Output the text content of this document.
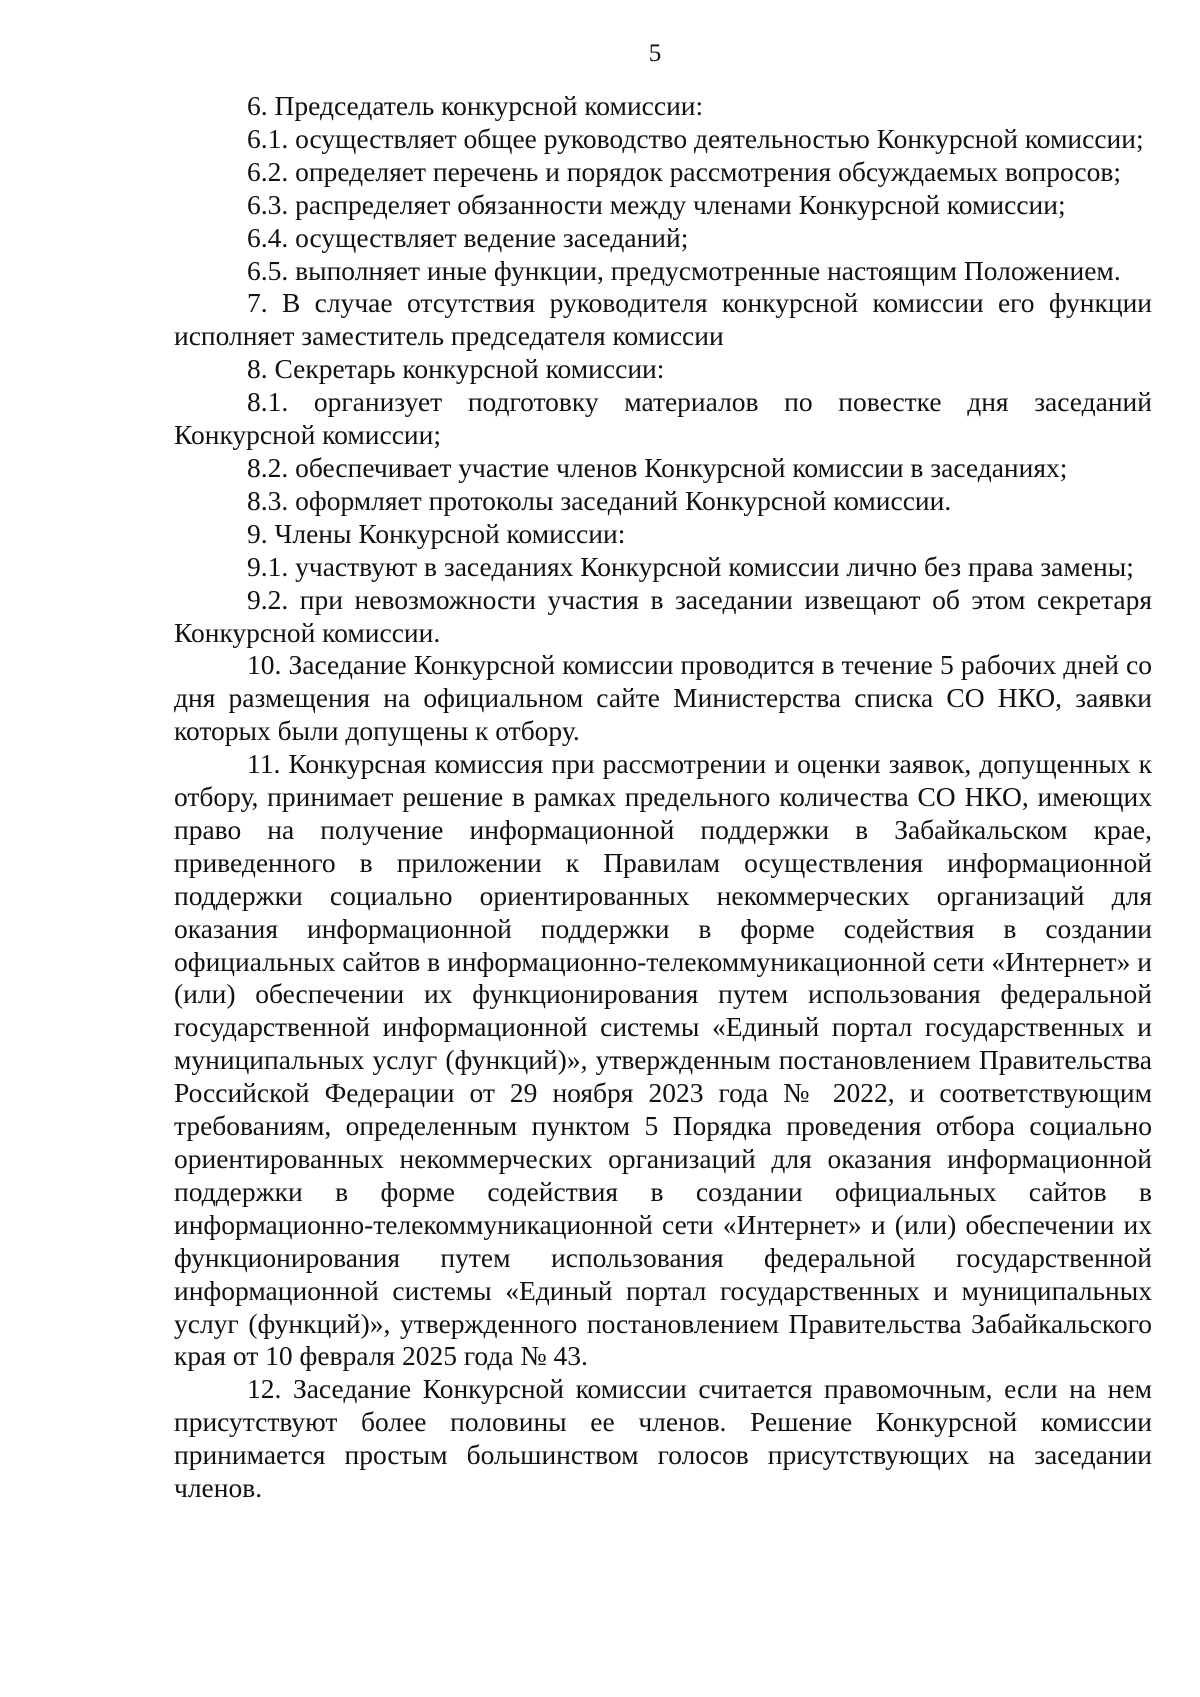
5

6. Председатель конкурсной комиссии:

6.1. осуществляет общее руководство деятельностью Конкурсной комиссии;

6.2. определяет перечень и порядок рассмотрения обсуждаемых вопросов;

6.3. распределяет обязанности между членами Конкурсной комиссии;

6.4. осуществляет ведение заседаний;

6.5. выполняет иные функции, предусмотренные настоящим Положением.

7. В случае отсутствия руководителя конкурсной комиссии его функции исполняет заместитель председателя комиссии

8. Секретарь конкурсной комиссии:

8.1. организует подготовку материалов по повестке дня заседаний Конкурсной комиссии;

8.2. обеспечивает участие членов Конкурсной комиссии в заседаниях;

8.3. оформляет протоколы заседаний Конкурсной комиссии.

9. Члены Конкурсной комиссии:

9.1. участвуют в заседаниях Конкурсной комиссии лично без права замены;

9.2. при невозможности участия в заседании извещают об этом секретаря Конкурсной комиссии.

10. Заседание Конкурсной комиссии проводится в течение 5 рабочих дней со дня размещения на официальном сайте Министерства списка СО НКО, заявки которых были допущены к отбору.

11. Конкурсная комиссия при рассмотрении и оценки заявок, допущенных к отбору, принимает решение в рамках предельного количества СО НКО, имеющих право на получение информационной поддержки в Забайкальском крае, приведенного в приложении к Правилам осуществления информационной поддержки социально ориентированных некоммерческих организаций для оказания информационной поддержки в форме содействия в создании официальных сайтов в информационно-телекоммуникационной сети «Интернет» и (или) обеспечении их функционирования путем использования федеральной государственной информационной системы «Единый портал государственных и муниципальных услуг (функций)», утвержденным постановлением Правительства Российской Федерации от 29 ноября 2023 года № 2022, и соответствующим требованиям, определенным пунктом 5 Порядка проведения отбора социально ориентированных некоммерческих организаций для оказания информационной поддержки в форме содействия в создании официальных сайтов в информационно-телекоммуникационной сети «Интернет» и (или) обеспечении их функционирования путем использования федеральной государственной информационной системы «Единый портал государственных и муниципальных услуг (функций)», утвержденного постановлением Правительства Забайкальского края от 10 февраля 2025 года № 43.

12. Заседание Конкурсной комиссии считается правомочным, если на нем присутствуют более половины ее членов. Решение Конкурсной комиссии принимается простым большинством голосов присутствующих на заседании членов.
